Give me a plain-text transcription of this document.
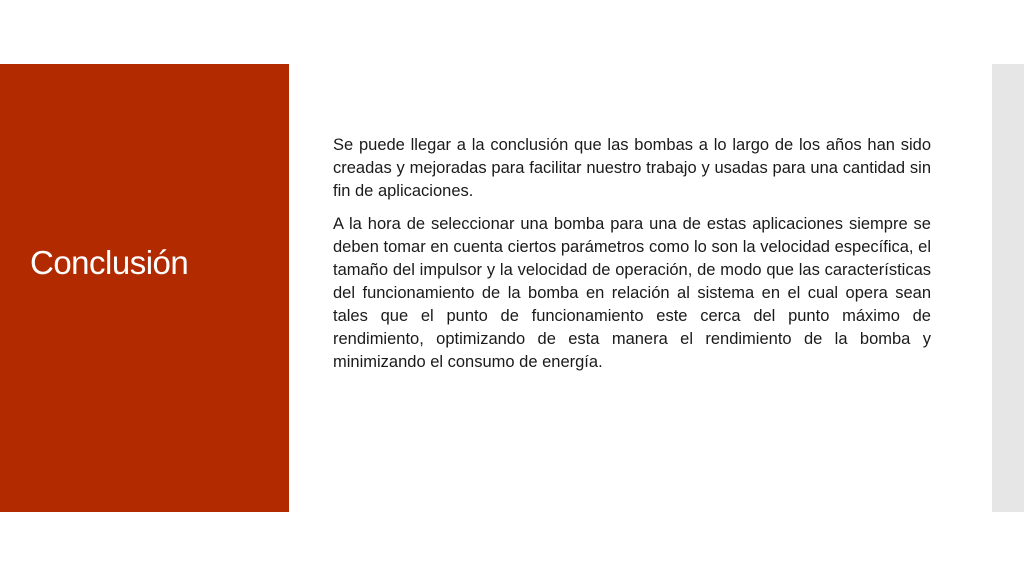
Conclusión

Se puede llegar a la conclusión que las bombas a lo largo de los años han sido creadas y mejoradas para facilitar nuestro trabajo y usadas para una cantidad sin fin de aplicaciones.

A la hora de seleccionar una bomba para una de estas aplicaciones siempre se deben tomar en cuenta ciertos parámetros como lo son la velocidad específica, el tamaño del impulsor y la velocidad de operación, de modo que las características del funcionamiento de la bomba en relación al sistema en el cual opera sean tales que el punto de funcionamiento este cerca del punto máximo de rendimiento, optimizando de esta manera el rendimiento de la bomba y minimizando el consumo de energía.
